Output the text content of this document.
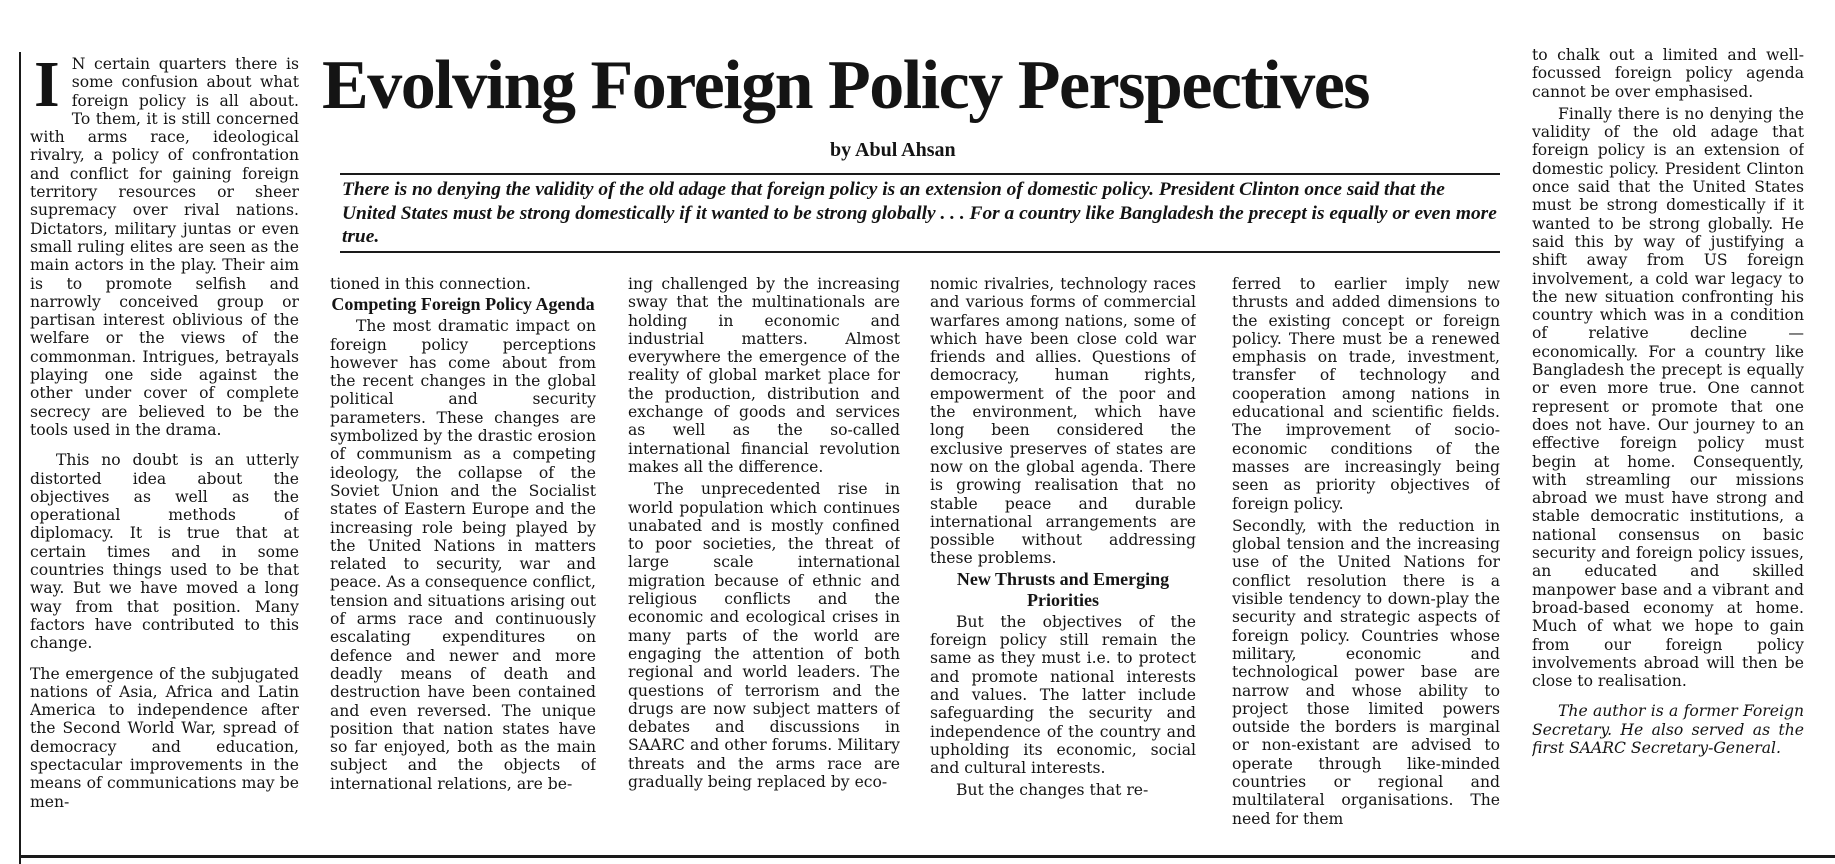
Evolving Foreign Policy Perspectives
by Abul Ahsan
There is no denying the validity of the old adage that foreign policy is an extension of domestic policy. President Clinton once said that the United States must be strong domestically if it wanted to be strong globally . . . For a country like Bangladesh the precept is equally or even more true.

I N certain quarters there is some confusion about what foreign policy is all about. To them, it is still concerned with arms race, ideological rivalry, a policy of confrontation and conflict for gaining foreign territory resources or sheer supremacy over rival nations. Dictators, military juntas or even small ruling elites are seen as the main actors in the play. Their aim is to promote selfish and narrowly conceived group or partisan interest oblivious of the welfare or the views of the commonman. Intrigues, betrayals playing one side against the other under cover of complete secrecy are believed to be the tools used in the drama.

This no doubt is an utterly distorted idea about the objectives as well as the operational methods of diplomacy. It is true that at certain times and in some countries things used to be that way. But we have moved a long way from that position. Many factors have contributed to this change.

The emergence of the subjugated nations of Asia, Africa and Latin America to independence after the Second World War, spread of democracy and education, spectacular improvements in the means of communications may be men-

tioned in this connection.

Competing Foreign Policy Agenda

The most dramatic impact on foreign policy perceptions however has come about from the recent changes in the global political and security parameters. These changes are symbolized by the drastic erosion of communism as a competing ideology, the collapse of the Soviet Union and the Socialist states of Eastern Europe and the increasing role being played by the United Nations in matters related to security, war and peace. As a consequence conflict, tension and situations arising out of arms race and continuously escalating expenditures on defence and newer and more deadly means of death and destruction have been contained and even reversed. The unique position that nation states have so far enjoyed, both as the main subject and the objects of international relations, are be-

ing challenged by the increasing sway that the multinationals are holding in economic and industrial matters. Almost everywhere the emergence of the reality of global market place for the production, distribution and exchange of goods and services as well as the so-called international financial revolution makes all the difference.

The unprecedented rise in world population which continues unabated and is mostly confined to poor societies, the threat of large scale international migration because of ethnic and religious conflicts and the economic and ecological crises in many parts of the world are engaging the attention of both regional and world leaders. The questions of terrorism and the drugs are now subject matters of debates and discussions in SAARC and other forums. Military threats and the arms race are gradually being replaced by eco-

nomic rivalries, technology races and various forms of commercial warfares among nations, some of which have been close cold war friends and allies. Questions of democracy, human rights, empowerment of the poor and the environment, which have long been considered the exclusive preserves of states are now on the global agenda. There is growing realisation that no stable peace and durable international arrangements are possible without addressing these problems.

New Thrusts and Emerging Priorities

But the objectives of the foreign policy still remain the same as they must i.e. to protect and promote national interests and values. The latter include safeguarding the security and independence of the country and upholding its economic, social and cultural interests.

But the changes that re-

ferred to earlier imply new thrusts and added dimensions to the existing concept or foreign policy. There must be a renewed emphasis on trade, investment, transfer of technology and cooperation among nations in educational and scientific fields. The improvement of socio-economic conditions of the masses are increasingly being seen as priority objectives of foreign policy.

Secondly, with the reduction in global tension and the increasing use of the United Nations for conflict resolution there is a visible tendency to down-play the security and strategic aspects of foreign policy. Countries whose military, economic and technological power base are narrow and whose ability to project those limited powers outside the borders is marginal or non-existant are advised to operate through like-minded countries or regional and multilateral organisations. The need for them

to chalk out a limited and well-focussed foreign policy agenda cannot be over emphasised.

Finally there is no denying the validity of the old adage that foreign policy is an extension of domestic policy. President Clinton once said that the United States must be strong domestically if it wanted to be strong globally. He said this by way of justifying a shift away from US foreign involvement, a cold war legacy to the new situation confronting his country which was in a condition of relative decline — economically. For a country like Bangladesh the precept is equally or even more true. One cannot represent or promote that one does not have. Our journey to an effective foreign policy must begin at home. Consequently, with streamling our missions abroad we must have strong and stable democratic institutions, a national consensus on basic security and foreign policy issues, an educated and skilled manpower base and a vibrant and broad-based economy at home. Much of what we hope to gain from our foreign policy involvements abroad will then be close to realisation.

The author is a former Foreign Secretary. He also served as the first SAARC Secretary-General.
